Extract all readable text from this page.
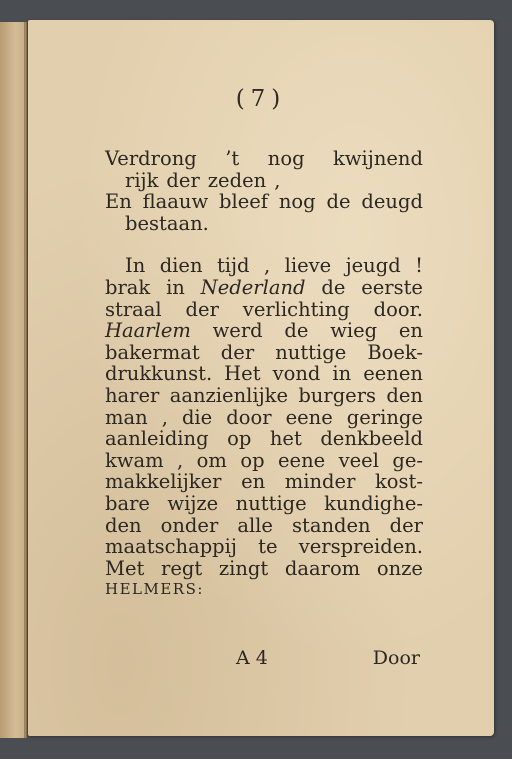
(7)
Verdrong ’t nog kwijnend
rijk der zeden ,
En flaauw bleef nog de deugd
bestaan.
In dien tijd , lieve jeugd !
brak in Nederland de eerste
straal der verlichting door.
Haarlem werd de wieg en
bakermat der nuttige Boek-
drukkunst. Het vond in eenen
harer aanzienlijke burgers den
man , die door eene geringe
aanleiding op het denkbeeld
kwam , om op eene veel ge-
makkelijker en minder kost-
bare wijze nuttige kundighe-
den onder alle standen der
maatschappij te verspreiden.
Met regt zingt daarom onze
HELMERS:
A 4	Door
